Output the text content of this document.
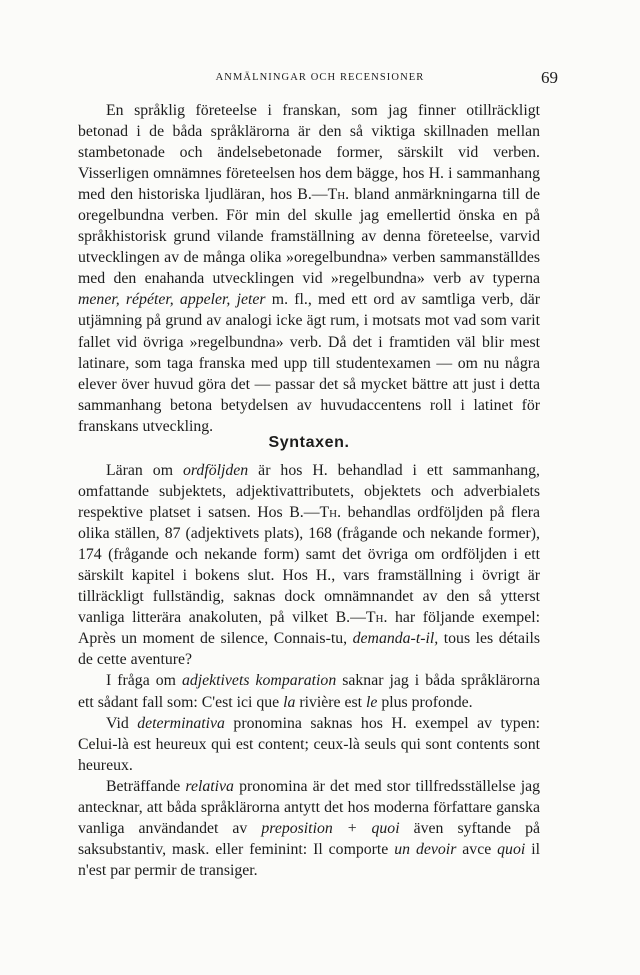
ANMÄLNINGAR OCH RECENSIONER	69

En språklig företeelse i franskan, som jag finner otillräckligt betonad i de båda språklärorna är den så viktiga skillnaden mellan stambetonade och ändelsebetonade former, särskilt vid verben. Visserligen omnämnes företeelsen hos dem bägge, hos H. i sammanhang med den historiska ljudläran, hos B.—Th. bland anmärkningarna till de oregelbundna verben. För min del skulle jag emellertid önska en på språkhistorisk grund vilande framställning av denna företeelse, varvid utvecklingen av de många olika »oregelbundna» verben sammanställdes med den enahanda utvecklingen vid »regelbundna» verb av typerna mener, répéter, appeler, jeter m. fl., med ett ord av samtliga verb, där utjämning på grund av analogi icke ägt rum, i motsats mot vad som varit fallet vid övriga »regelbundna» verb. Då det i framtiden väl blir mest latinare, som taga franska med upp till studentexamen — om nu några elever över huvud göra det — passar det så mycket bättre att just i detta sammanhang betona betydelsen av huvudaccentens roll i latinet för franskans utveckling.

Syntaxen.

Läran om ordföljden är hos H. behandlad i ett sammanhang, omfattande subjektets, adjektivattributets, objektets och adverbialets respektive platset i satsen. Hos B.—Th. behandlas ordföljden på flera olika ställen, 87 (adjektivets plats), 168 (frågande och nekande former), 174 (frågande och nekande form) samt det övriga om ordföljden i ett särskilt kapitel i bokens slut. Hos H., vars framställning i övrigt är tillräckligt fullständig, saknas dock omnämnandet av den så ytterst vanliga litterära anakoluten, på vilket B.—Th. har följande exempel: Après un moment de silence, Connais-tu, demanda-t-il, tous les détails de cette aventure?

I fråga om adjektivets komparation saknar jag i båda språklärorna ett sådant fall som: C'est ici que la rivière est le plus profonde.

Vid determinativa pronomina saknas hos H. exempel av typen: Celui-là est heureux qui est content; ceux-là seuls qui sont contents sont heureux.

Beträffande relativa pronomina är det med stor tillfredsställelse jag antecknar, att båda språklärorna antytt det hos moderna författare ganska vanliga användandet av preposition + quoi även syftande på saksubstantiv, mask. eller feminint: Il comporte un devoir avce quoi il n'est par permir de transiger.
